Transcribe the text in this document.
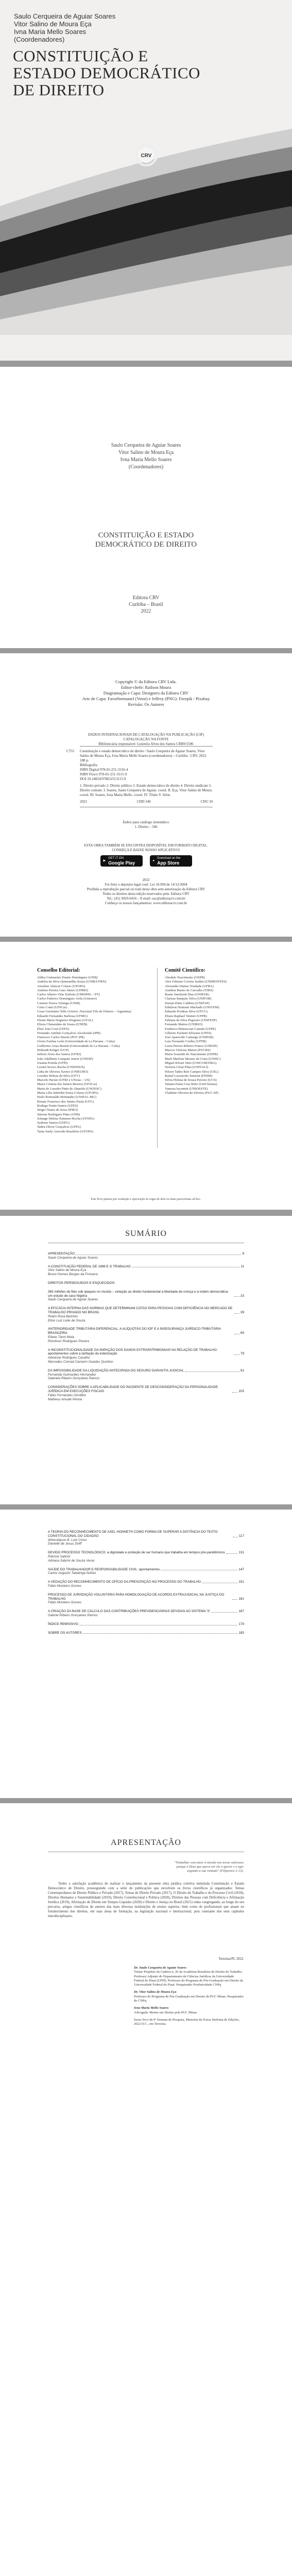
Saulo Cerqueira de Aguiar Soares
Vitor Salino de Moura Eça
Ivna Maria Mello Soares
(Coordenadores)
CONSTITUIÇÃO E
ESTADO DEMOCRÁTICO
DE DIREITO
CRV
Saulo Cerqueira de Aguiar Soares
Vitor Salino de Moura Eça
Ivna Maria Mello Soares
(Coordenadores)
CONSTITUIÇÃO E ESTADO
DEMOCRÁTICO DE DIREITO
Editora CRV
Curitiba – Brasil
2022
Copyright © da Editora CRV Ltda.
Editor-chefe: Railson Moura
Diagramação e Capa: Designers da Editora CRV
Arte de Capa: Favorbermanel (Vetor) e Jeffrey (PNG): Freepik / Pixabay
Revisão: Os Autores
DADOS INTERNACIONAIS DE CATALOGAÇÃO NA PUBLICAÇÃO (CIP)
CATALOGAÇÃO NA FONTE
Bibliotecária responsável: Luzenira Alves dos Santos CRB9/1506
C755 Constituição e estado democrático de direito / Saulo Cerqueira de Aguiar Soares, Vitor Salino de Moura Eça, Ivna Maria Mello Soares (coordenadores) – Curitiba : CRV, 2022.
188 p.
Bibliografia
ISBN Digital 978-65-251-3116-4
ISBN Físico 978-65-251-3115-9
DOI 10.24824/978652513115.9
1. Direito privado 2. Direito público 3. Estado democrático de direito 4. Direito sindicato 5. Direito comum. I. Soares, Saulo Cerqueira de Aguiar. coord. II. Eça, Vitor Salino de Moura. coord. III. Soares, Ivna Maria Mello. coord. IV. Título V. Série.
2022	CDD 346	CDU 34
Índice para catálogo sistemático
1. Direito – 346
ESTA OBRA TAMBÉM SE ENCONTRA DISPONÍVEL EM FORMATO DIGITAL.
CONHEÇA E BAIXE NOSSO APLICATIVO!
▶
GET IT ON
Google Play	●
Download on the
App Store
2022
Foi feito o depósito legal conf. Lei 10.994 de 14/12/2004
Proibida a reprodução parcial ou total desta obra sem autorização da Editora CRV
Todos os direitos desta edição reservados pela: Editora CRV
Tel.: (41) 3029-6416 – E-mail: sac@editoracrv.com.br
Conheça os nossos lançamentos: www.editoracrv.com.br
Conselho Editorial:
Aldira Guimarães Duarte Domínguez (UNB)
Andréia da Silva Quintanilha Sousa (UNIR/UFRN)
Anselmo Alencar Colares (UFOPA)
Antônio Pereira Gaio Júnior (UFRRJ)
Carlos Alberto Vilar Estêvão (UMINHO – PT)
Carlos Federico Dominguez Avila (Unieuro)
Carmen Tereza Velanga (UNIR)
Celso Conti (UFSCar)
Cesar Gerónimo Tello (Univer .Nacional Três de Febrero – Argentina)
Eduardo Fernandes Barbosa (UFMG)
Elione Maria Nogueira Diogenes (UFAL)
Elizeu Clementino de Souza (UNEB)
Élsio José Corá (UFFS)
Fernando Antônio Gonçalves Alcoforado (IPB)
Francisco Carlos Duarte (PUC-PR)
Gloria Fariñas León (Universidade de La Havana – Cuba)
Guillermo Arias Beatón (Universidade de La Havana – Cuba)
Helmuth Krüger (UCP)
Jailson Alves dos Santos (UFRJ)
João Adalberto Campato Junior (UNESP)
Josania Portela (UFPI)
Leonel Severo Rocha (UNISINOS)
Lídia de Oliveira Xavier (UNIEURO)
Lourdes Helena da Silva (UFV)
Marcelo Paixão (UFRJ e UTexas – US)
Maria Cristina dos Santos Bezerra (UFSCar)
Maria de Lourdes Pinto de Almeida (UNOESC)
Maria Lília Imbiriba Sousa Colares (UFOPA)
Paulo Romualdo Hernandes (UNIFAL-MG)
Renato Francisco dos Santos Paula (UFG)
Rodrigo Pratte-Santos (UFES)
Sérgio Nunes de Jesus (IFRO)
Simone Rodrigues Pinto (UNB)
Solange Helena Ximenes-Rocha (UFOPA)
Sydione Santos (UEPG)
Tadeu Oliver Gonçalves (UFPA)
Tania Suely Azevedo Brasileiro (UFOPA)
Comitê Científico:
Abrahão Nascimento (UEPB)
Alex Fabiano Correia Jardim (UNIMONTES)
Alexandre Dantas Trindade (UFBA)
Amilton Bueno de Carvalho (TJRS)
Bruno Smolarek Dias (UNIPAR)
Clarissa Sampaio Silva (UNIFOR)
Dorian Diniz Caldeira (UNIFAP)
Ednilson Donisete Machado (UNIVEM)
Eduardo Pordeus Silva (UFCG)
Eliseu Raphael Venturi (UFPR)
Fabiana da Silva Pegoraro (UNIFESP)
Fernando Mattos (UNIRIO)
Frederico Bittencourt Canedo (UFPE)
Gilberto Fachetti Silvestre (UFES)
José Aparecido Camargo (UNIPAR)
Luiz Fernando Coelho (UFPR)
Luzia Pereira Ribeiro Franco (UNESP)
Marcos Vinícius Mariot (PUCRS)
Maria Ivaneide do Nascimento (UEPB)
Marli Marlene Moraes da Costa (UNISC)
Miguel Kfouri Neto (UNICURITIBA)
Newton César Pilau (UNIVALI)
Nilson Tadeu Reis Campos Silva (UEL)
Rafael Lazzarotto Simioni (FDSM)
Silvia Helena de Souza Peixoto (UCS)
Tatiana Paula Cruz Brito (UniChristus)
Vanessa Iacomini (UNIOESTE)
Vladimir Oliveira da Silveira (PUC-SP)
Este livro passou por avaliação e aprovação às cegas de dois ou mais pareceristas ad hoc.
SUMÁRIO
APRESENTAÇÃO	9
Saulo Cerqueira de Aguiar Soares
A CONSTITUIÇÃO FEDERAL DE 1988 E O TRABALHO	11
Vitor Salino de Moura Eça
Bruno Gomes Borges da Fonseca
DIREITOS PERSEGUIDOS E ESQUECIDOS:
365 milhões de fiéis sob ataques no mundo – violação ao direito fundamental à liberdade de crença e à ordem democrática: um estudo de caso Nigéria	23
Saulo Cerqueira de Aguiar Soares
A EFICÁCIA INTERNA DAS NORMAS QUE DETERMINAM COTAS PARA PESSOAS COM DEFICIÊNCIA NO MERCADO DE TRABALHO PRIVADO NO BRASIL	39
Pedro Rosa Belchior
Elton Luiz Leite de Souza
ANTERIORIDADE TRIBUTÁRIA DIFERENCIAL: A ALÍQUOTAS DO IOF E A INSEGURANÇA JURÍDICO-TRIBUTÁRIA BRASILEIRA	65
Eliane Tiemi Muta
Romilson Rodrigues Pereira
A INCONSTITUCIONALIDADE DA INIPAÇÃO DOS DANOS EXTRAPATRIMONIAIS NA RELAÇÃO DE TRABALHO: apontamentos sobre a tarifação da indenização	79
Adrianne Rodrigues Cavalho
Mercedes Conrad Carneiro Guedes Quintino
DA IMPOSSIBILIDADE DA LIQUIDAÇÃO ANTECIPADA DO SEGURO GARANTIA JUDICIAL	91
Fernanda Guimarães Hernandez
Gabriela Ribeiro Gonçalves Ramos
CONSIDERAÇÕES SOBRE A APLICABILIDADE DO INCIDENTE DE DESCONSIDERAÇÃO DA PERSONALIDADE JURÍDICA EM EXECUÇÕES FISCAIS	103
Fábio Fernandes Gordilho
Matheus Ahualé Penna
A TEORIA DO RECONHECIMENTO DE AXEL HONNETH COMO FORMA DE SUPERAR A DISTÂNCIA DO TEXTO CONSTITUCIONAL DO CIDADÃO	117
Wheroliqson B. Lutz Cirino
Danielle de Jesus Dolff
DEVIDO PROCESSO TECNOLÓGICO: a dignidade e proteção de ser humano que trabalha em tempos pós-pandêmicos	131
Patrícia Sabrini
Adriana Sabrini de Souza Veras
SAÚDE DO TRABALHADOR E RESPONSABILIDADE CIVIL: apontamentos	147
Carlos Augusto Tabatinga Nuñez
A VEDAÇÃO DO RECONHECIMENTO DE OFÍCIO DA PRESCRIÇÃO NO PROCESSO DO TRABALHO	151
Fábio Monteiro Gomes
PROCESSO DE JURISDIÇÃO VOLUNTÁRIA PARA HOMOLOGAÇÃO DE ACORDO EXTRAJUDICIAL NA JUSTIÇA DO TRABALHO	161
Fábio Monteiro Gomes
A CRIAÇÃO DA BASE DE CÁLCULO DAS CONTRIBUIÇÕES PREVIDENCIÁRIAS DEVIDAS AO SISTEMA 'S'	167
Gabriel Ribeiro Gonçalves Ramos
ÍNDICE REMISSIVO	179
SOBRE OS AUTORES	183
APRESENTAÇÃO
"Trabalhar com amor à missão nos torna valorosos
porque é Deus que opera em vós o querer e o agir
segundo a sua vontade" (Filipenses 2:13).
Tenho a satisfação acadêmica de realizar o lançamento da presente obra jurídica coletiva intitulada Constituição e Estado Democrático de Direito, prosseguindo com a série de publicações que envolvem os livros científicos já organizados: Temas Contemporâneos de Direito Público e Privado (2017), Temas de Direito Privado (2017), O Direito do Trabalho e do Processo Civil (2018), Direitos Humanos e Sustentabilidade (2019), Direito Constitucional e Política (2020), Direitos das Pessoas com Deficiência e Afirmação Jurídica (2019), Afirmação do Direito em Tempos Líquidos (2020) e Direito e Justiça no Brasil (2021) todas congregando, ao longo do seu percurso, artigos científicos de autores das mais diversas instituições de ensino superior, bem como de profissionais que atuam no fortalecimento dos direitos, em suas áreas de formação, na legislação nacional e internacional, pois constante dos seus capítulos interdisciplinares.
Teresina/PI, 2022.
Dr. Saulo Cerqueira de Aguiar Soares
Titular Perpétuo da Cadeira n. 26 da Academia Brasileira de Direito do Trabalho. Professor Adjunto do Departamento de Ciências Jurídicas da Universidade Federal do Piauí (UFPI). Professor do Programa de Pós-Graduação em Direito da Universidade Federal do Piauí. Pesquisador Produtividade CNPq
Dr. Vitor Salino de Moura Eça
Professor do Programa de Pós-Graduação em Direito da PUC Minas. Pesquisador do CNPq
Ivna Maria Mello Soares
Advogada. Mestre em Direito pela PUC Minas
Sexto livro da 9ª Semana de Pesquisa, Memória da Nossa Sinfonia de Edições, 2022 D.C., em Teresina.
